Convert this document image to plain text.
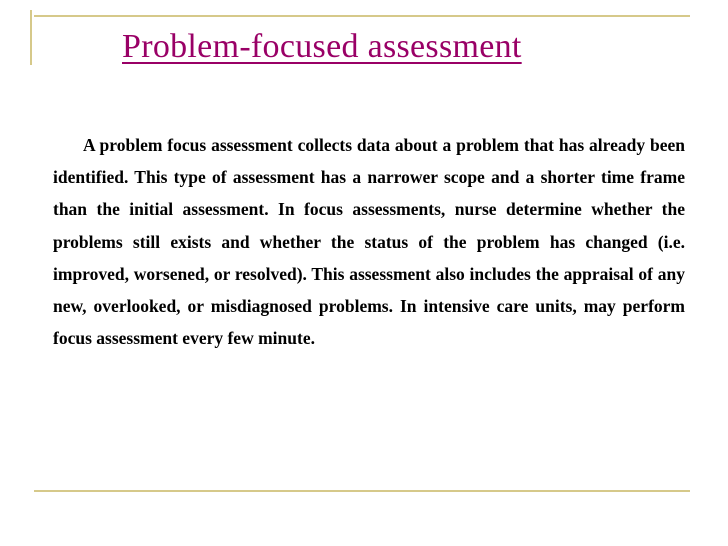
Problem-focused assessment

A problem focus assessment collects data about a problem that has already been identified. This type of assessment has a narrower scope and a shorter time frame than the initial assessment. In focus assessments, nurse determine whether the problems still exists and whether the status of the problem has changed (i.e. improved, worsened, or resolved). This assessment also includes the appraisal of any new, overlooked, or misdiagnosed problems. In intensive care units, may perform focus assessment every few minute.
